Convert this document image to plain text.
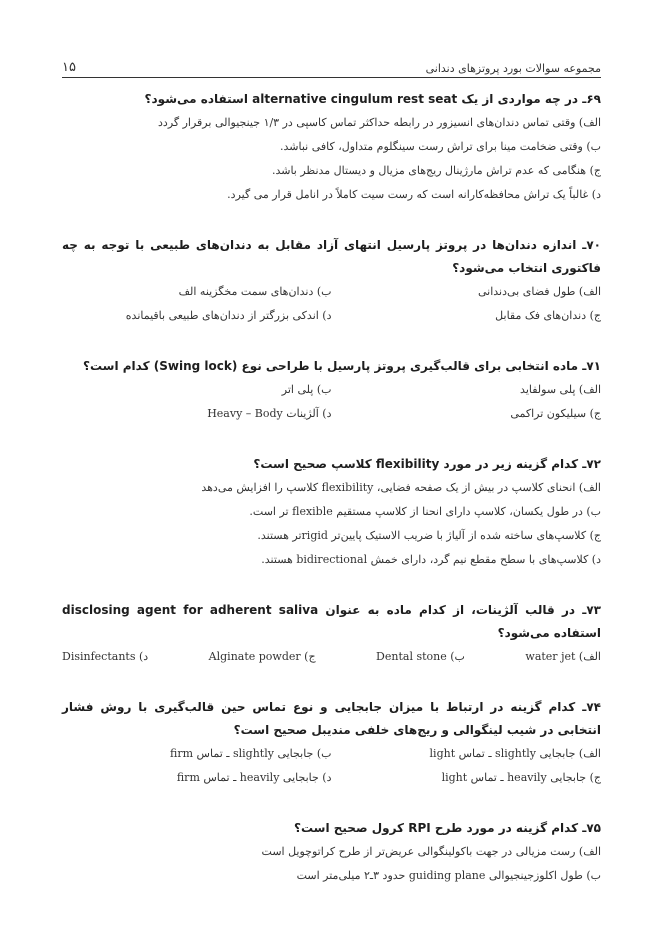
مجموعه سوالات بورد پروتزهای دندانی
۱۵
۶۹ـ در چه مواردی از یک alternative cingulum rest seat استفاده می‌شود؟
الف) وقتی تماس دندان‌های انسیزور در رابطه حداکثر تماس کاسپی در ۱/۳ جینجیوالی برقرار گردد
ب) وقتی ضخامت مینا برای تراش رست سینگلوم متداول، کافی نباشد.
ج) هنگامی که عدم تراش مارژینال ریج‌های مزیال و دیستال مدنظر باشد.
د) غالباً یک تراش محافظه‌کارانه است که رست سیت کاملاً در انامل قرار می گیرد.
۷۰ـ اندازه دندان‌ها در پروتز پارسیل انتهای آزاد مقابل به دندان‌های طبیعی با توجه به چه فاکتوری انتخاب می‌شود؟
الف) طول فضای بی‌دندانی
ب) دندان‌های سمت مخگزینه الف
ج) دندان‌های فک مقابل
د) اندکی بزرگتر از دندان‌های طبیعی باقیمانده
۷۱ـ ماده انتخابی برای قالب‌گیری پروتز پارسیل با طراحی نوع (Swing lock) کدام است؟
الف) پلی سولفاید
ب) پلی اتر
ج) سیلیکون تراکمی
د) آلژینات Heavy – Body
۷۲ـ کدام گزینه زیر در مورد flexibility کلاسپ صحیح است؟
الف) انحنای کلاسپ در بیش از یک صفحه فضایی، flexibility کلاسپ را افزایش می‌دهد
ب) در طول یکسان، کلاسپ دارای انحنا از کلاسپ مستقیم flexible تر است.
ج) کلاسپ‌های ساخته شده از آلیاژ با ضریب الاستیک پایین‌تر rigidتر هستند.
د) کلاسپ‌های با سطح مقطع نیم گرد، دارای خمش bidirectional هستند.
۷۳ـ در قالب آلژینات، از کدام ماده به عنوان disclosing agent for adherent saliva استفاده می‌شود؟
الف) water jet
ب) Dental stone
ج) Alginate powder
د) Disinfectants
۷۴ـ کدام گزینه در ارتباط با میزان جابجایی و نوع تماس حین قالب‌گیری با روش فشار انتخابی در شیب لینگوالی و ریج‌های خلفی مندیبل صحیح است؟
الف) جابجایی slightly ـ تماس light
ب) جابجایی slightly ـ تماس firm
ج) جابجایی heavily ـ تماس light
د) جابجایی heavily ـ تماس firm
۷۵ـ کدام گزینه در مورد طرح RPI کرول صحیح است؟
الف) رست مزیالی در جهت باکولینگوالی عریض‌تر از طرح کراتوچویل است
ب) طول اکلوزجینجیوالی guiding plane حدود ۳ـ۲ میلی‌متر است
